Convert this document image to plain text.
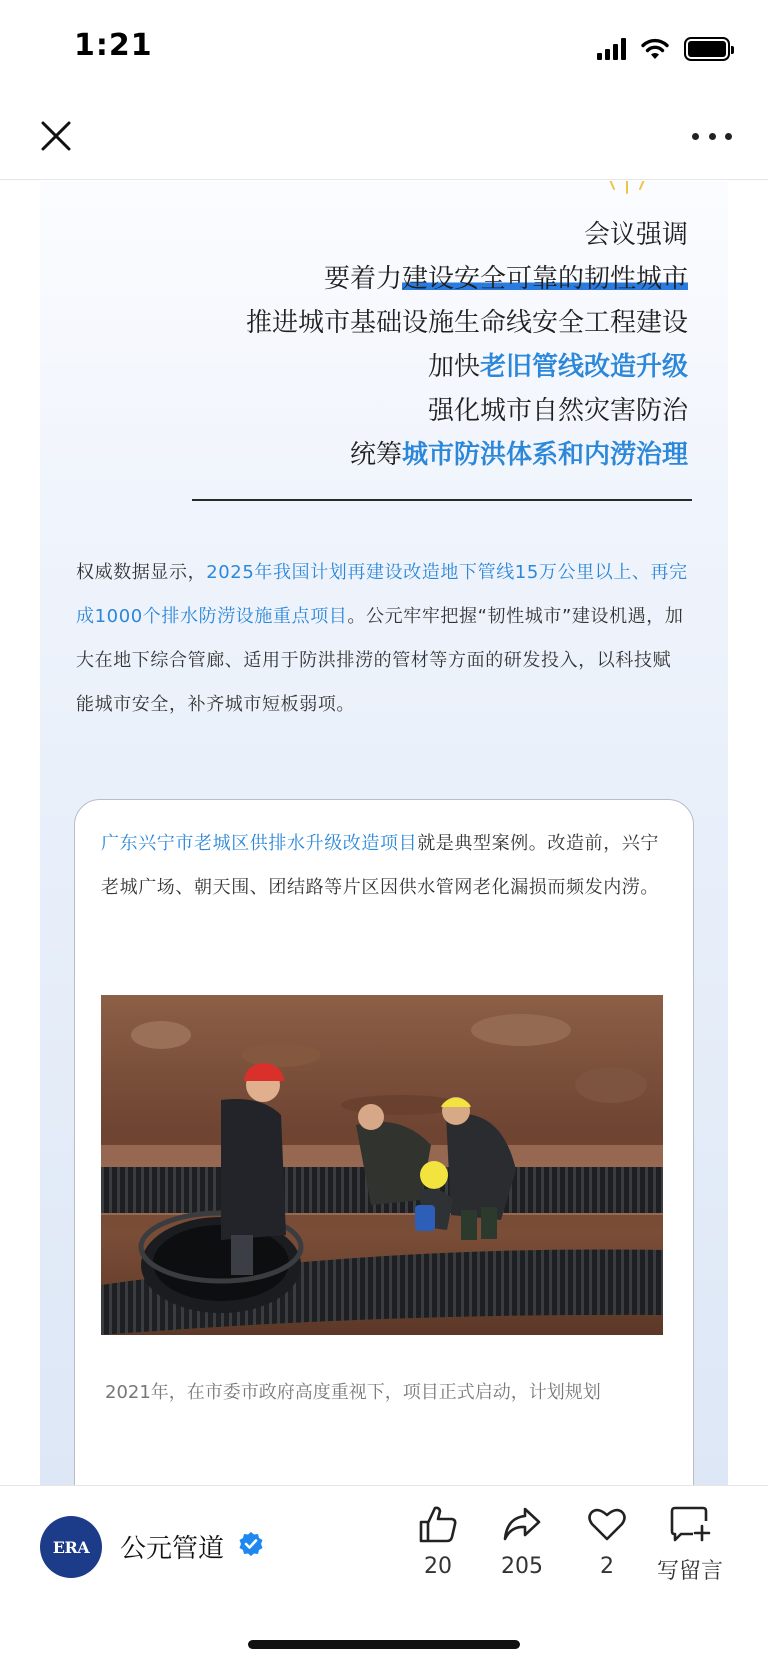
1:21
会议强调
要着力建设安全可靠的韧性城市
推进城市基础设施生命线安全工程建设
加快老旧管线改造升级
强化城市自然灾害防治
统筹城市防洪体系和内涝治理

权威数据显示，2025年我国计划再建设改造地下管线15万公里以上、再完成1000个排水防涝设施重点项目。公元牢牢把握“韧性城市”建设机遇，加大在地下综合管廊、适用于防洪排涝的管材等方面的研发投入，以科技赋能城市安全，补齐城市短板弱项。

广东兴宁市老城区供排水升级改造项目就是典型案例。改造前，兴宁老城广场、朝天围、团结路等片区因供水管网老化漏损而频发内涝。

2021年，在市委市政府高度重视下，项目正式启动，计划规划
ERA	公元管道
20	205	2	写留言
